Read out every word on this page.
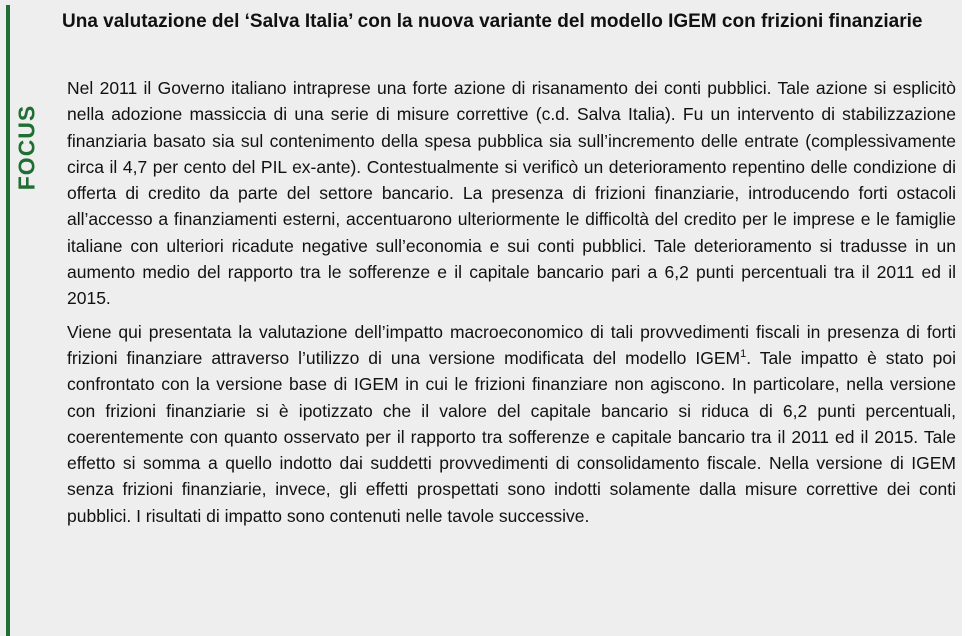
FOCUS
Una valutazione del ‘Salva Italia’ con la nuova variante del modello IGEM con frizioni finanziarie

Nel 2011 il Governo italiano intraprese una forte azione di risanamento dei conti pubblici. Tale azione si esplicitò nella adozione massiccia di una serie di misure correttive (c.d. Salva Italia). Fu un intervento di stabilizzazione finanziaria basato sia sul contenimento della spesa pubblica sia sull’incremento delle entrate (complessivamente circa il 4,7 per cento del PIL ex-ante). Contestualmente si verificò un deterioramento repentino delle condizione di offerta di credito da parte del settore bancario. La presenza di frizioni finanziarie, introducendo forti ostacoli all’accesso a finanziamenti esterni, accentuarono ulteriormente le difficoltà del credito per le imprese e le famiglie italiane con ulteriori ricadute negative sull’economia e sui conti pubblici. Tale deterioramento si tradusse in un aumento medio del rapporto tra le sofferenze e il capitale bancario pari a 6,2 punti percentuali tra il 2011 ed il 2015.

Viene qui presentata la valutazione dell’impatto macroeconomico di tali provvedimenti fiscali in presenza di forti frizioni finanziare attraverso l’utilizzo di una versione modificata del modello IGEM$^1$. Tale impatto è stato poi confrontato con la versione base di IGEM in cui le frizioni finanziare non agiscono. In particolare, nella versione con frizioni finanziarie si è ipotizzato che il valore del capitale bancario si riduca di 6,2 punti percentuali, coerentemente con quanto osservato per il rapporto tra sofferenze e capitale bancario tra il 2011 ed il 2015. Tale effetto si somma a quello indotto dai suddetti provvedimenti di consolidamento fiscale. Nella versione di IGEM senza frizioni finanziarie, invece, gli effetti prospettati sono indotti solamente dalla misure correttive dei conti pubblici. I risultati di impatto sono contenuti nelle tavole successive.
